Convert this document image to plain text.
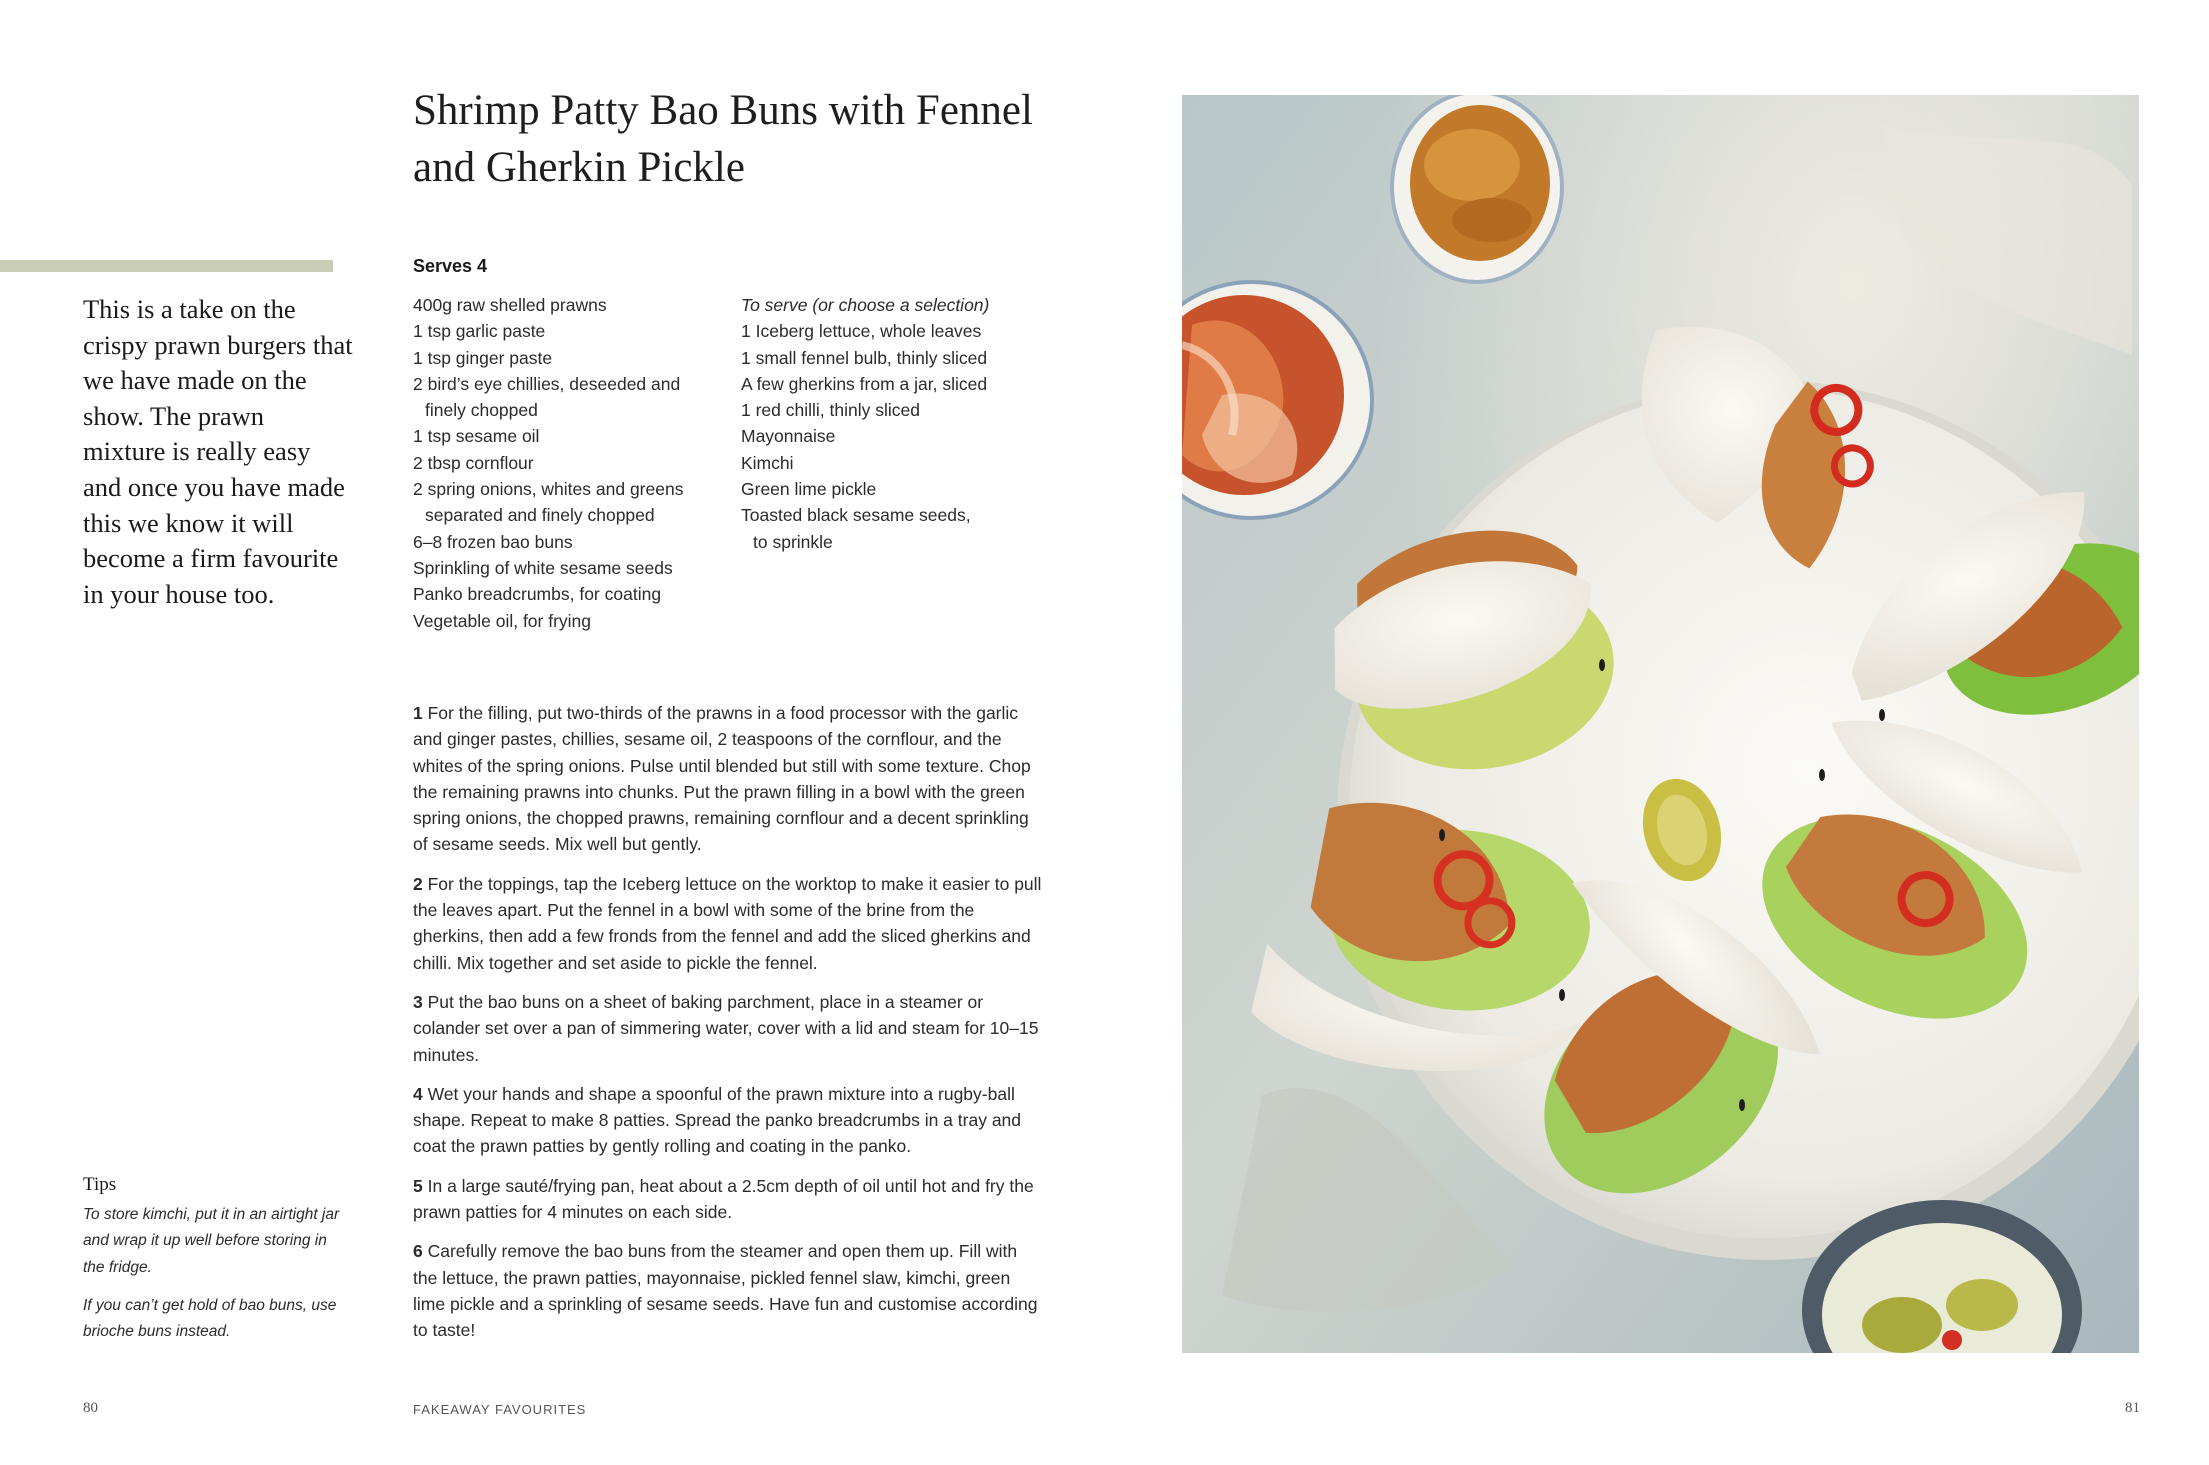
Shrimp Patty Bao Buns with Fennel
and Gherkin Pickle
This is a take on the crispy prawn burgers that we have made on the show. The prawn mixture is really easy and once you have made this we know it will become a firm favourite in your house too.
Serves 4
400g raw shelled prawns
1 tsp garlic paste
1 tsp ginger paste
2 bird’s eye chillies, deseeded and
finely chopped
1 tsp sesame oil
2 tbsp cornflour
2 spring onions, whites and greens
separated and finely chopped
6–8 frozen bao buns
Sprinkling of white sesame seeds
Panko breadcrumbs, for coating
Vegetable oil, for frying
To serve (or choose a selection)
1 Iceberg lettuce, whole leaves
1 small fennel bulb, thinly sliced
A few gherkins from a jar, sliced
1 red chilli, thinly sliced
Mayonnaise
Kimchi
Green lime pickle
Toasted black sesame seeds,
to sprinkle

1 For the filling, put two-thirds of the prawns in a food processor with the garlic and ginger pastes, chillies, sesame oil, 2 teaspoons of the cornflour, and the whites of the spring onions. Pulse until blended but still with some texture. Chop the remaining prawns into chunks. Put the prawn filling in a bowl with the green spring onions, the chopped prawns, remaining cornflour and a decent sprinkling of sesame seeds. Mix well but gently.

2 For the toppings, tap the Iceberg lettuce on the worktop to make it easier to pull the leaves apart. Put the fennel in a bowl with some of the brine from the gherkins, then add a few fronds from the fennel and add the sliced gherkins and chilli. Mix together and set aside to pickle the fennel.

3 Put the bao buns on a sheet of baking parchment, place in a steamer or colander set over a pan of simmering water, cover with a lid and steam for 10–15 minutes.

4 Wet your hands and shape a spoonful of the prawn mixture into a rugby-ball shape. Repeat to make 8 patties. Spread the panko breadcrumbs in a tray and coat the prawn patties by gently rolling and coating in the panko.

5 In a large sauté/frying pan, heat about a 2.5cm depth of oil until hot and fry the prawn patties for 4 minutes on each side.

6 Carefully remove the bao buns from the steamer and open them up. Fill with the lettuce, the prawn patties, mayonnaise, pickled fennel slaw, kimchi, green lime pickle and a sprinkling of sesame seeds. Have fun and customise according to taste!

Tips

To store kimchi, put it in an airtight jar and wrap it up well before storing in the fridge.

If you can’t get hold of bao buns, use brioche buns instead.

80	FAKEAWAY FAVOURITES	81
